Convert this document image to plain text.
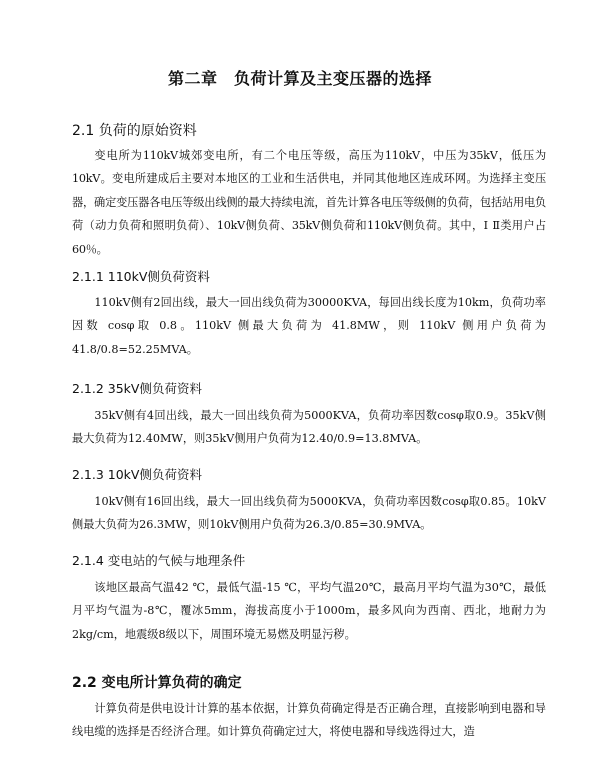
第二章　负荷计算及主变压器的选择
2.1 负荷的原始资料

变电所为110kV城郊变电所，有二个电压等级，高压为110kV，中压为35kV，低压为10kV。变电所建成后主要对本地区的工业和生活供电，并同其他地区连成环网。为选择主变压器，确定变压器各电压等级出线侧的最大持续电流，首先计算各电压等级侧的负荷，包括站用电负荷（动力负荷和照明负荷）、10kV侧负荷、35kV侧负荷和110kV侧负荷。其中，Ⅰ Ⅱ类用户占60％。

2.1.1 110kV侧负荷资料

110kV侧有2回出线，最大一回出线负荷为30000KVA，每回出线长度为10km，负荷功率因数 cosφ取 0.8。110kV 侧最大负荷为 41.8MW，则 110kV 侧用户负荷为41.8/0.8=52.25MVA。

2.1.2 35kV侧负荷资料

35kV侧有4回出线，最大一回出线负荷为5000KVA，负荷功率因数cosφ取0.9。35kV侧最大负荷为12.40MW，则35kV侧用户负荷为12.40/0.9=13.8MVA。

2.1.3 10kV侧负荷资料

10kV侧有16回出线，最大一回出线负荷为5000KVA，负荷功率因数cosφ取0.85。10kV侧最大负荷为26.3MW，则10kV侧用户负荷为26.3/0.85=30.9MVA。

2.1.4 变电站的气候与地理条件

该地区最高气温42 ℃，最低气温-15 ℃，平均气温20℃，最高月平均气温为30℃，最低月平均气温为-8℃，覆冰5mm，海拔高度小于1000m，最多风向为西南、西北，地耐力为2kg/cm，地震级8级以下，周围环境无易燃及明显污秽。

2.2 变电所计算负荷的确定

计算负荷是供电设计计算的基本依据，计算负荷确定得是否正确合理，直接影响到电器和导线电缆的选择是否经济合理。如计算负荷确定过大，将使电器和导线选得过大，造
